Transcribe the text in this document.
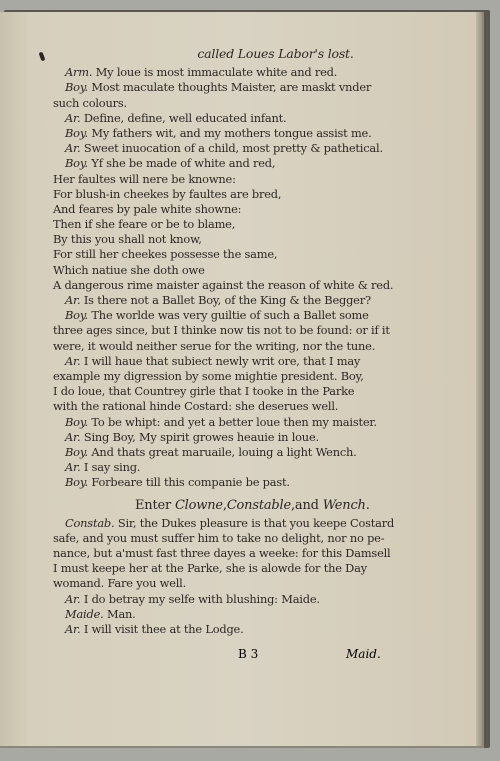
called Loues Labor's lost.
Arm. My loue is most immaculate white and red.
Boy. Most maculate thoughts Maister, are maskt vnder
such colours.
Ar. Define, define, well educated infant.
Boy. My fathers wit, and my mothers tongue assist me.
Ar. Sweet inuocation of a child, most pretty & pathetical.
Boy. Yf she be made of white and red,
Her faultes will nere be knowne:
For blush-in cheekes by faultes are bred,
And feares by pale white showne:
Then if she feare or be to blame,
By this you shall not know,
For still her cheekes possesse the same,
Which natiue she doth owe
A dangerous rime maister against the reason of white & red.
Ar. Is there not a Ballet Boy, of the King & the Begger?
Boy. The worlde was very guiltie of such a Ballet some
three ages since, but I thinke now tis not to be found: or if it
were, it would neither serue for the writing, nor the tune.
Ar. I will haue that subiect newly writ ore, that I may
example my digression by some mightie president. Boy,
I do loue, that Countrey girle that I tooke in the Parke
with the rational hinde Costard: she deserues well.
Boy. To be whipt: and yet a better loue then my maister.
Ar. Sing Boy, My spirit growes heauie in loue.
Boy. And thats great maruaile, louing a light Wench.
Ar. I say sing.
Boy. Forbeare till this companie be past.
Enter Clowne,Constable,and Wench.
Constab. Sir, the Dukes pleasure is that you keepe Costard
safe, and you must suffer him to take no delight, nor no pe-
nance, but a'must fast three dayes a weeke: for this Damsell
I must keepe her at the Parke, she is alowde for the Day
womand. Fare you well.
Ar. I do betray my selfe with blushing: Maide.
Maide. Man.
Ar. I will visit thee at the Lodge.
B 3	Maid.
